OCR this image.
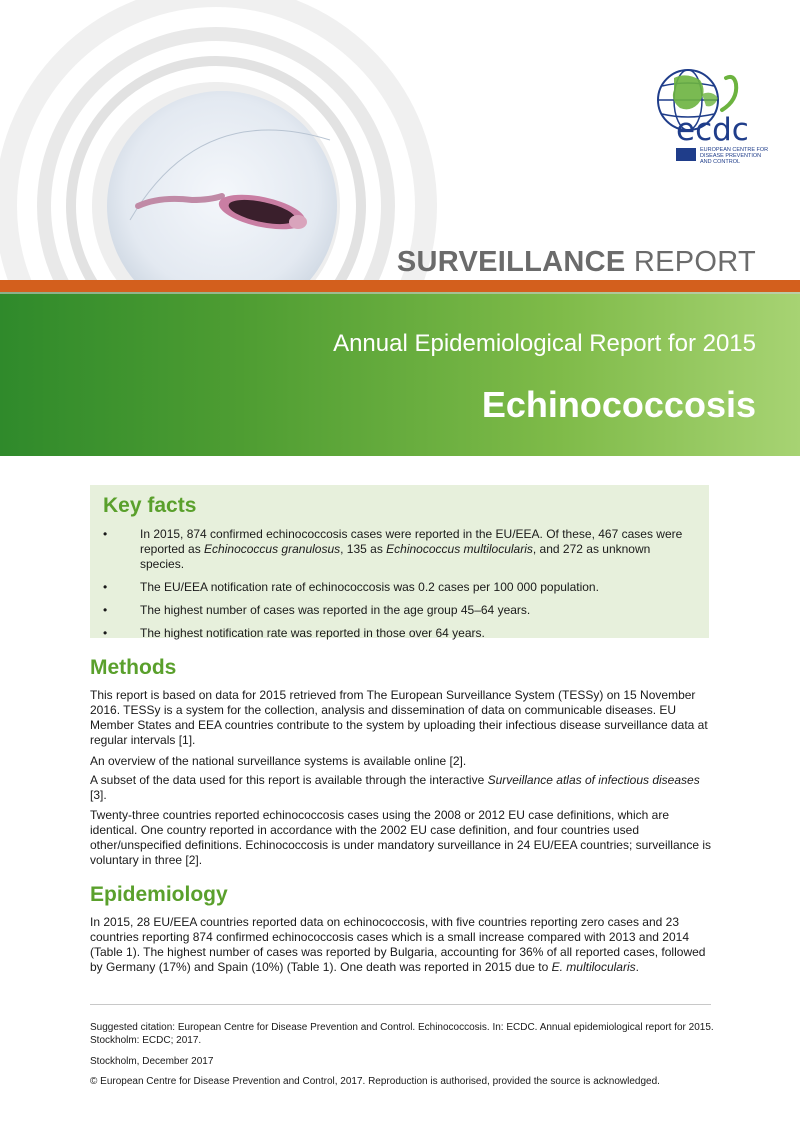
SURVEILLANCE REPORT
Annual Epidemiological Report for 2015
Echinococcosis
ecdc
EUROPEAN CENTRE FOR DISEASE PREVENTION AND CONTROL
Key facts
•	In 2015, 874 confirmed echinococcosis cases were reported in the EU/EEA. Of these, 467 cases were reported as Echinococcus granulosus, 135 as Echinococcus multilocularis, and 272 as unknown species.
•	The EU/EEA notification rate of echinococcosis was 0.2 cases per 100 000 population.
•	The highest number of cases was reported in the age group 45–64 years.
•	The highest notification rate was reported in those over 64 years.
Methods
This report is based on data for 2015 retrieved from The European Surveillance System (TESSy) on 15 November 2016. TESSy is a system for the collection, analysis and dissemination of data on communicable diseases. EU Member States and EEA countries contribute to the system by uploading their infectious disease surveillance data at regular intervals [1].
An overview of the national surveillance systems is available online [2].
A subset of the data used for this report is available through the interactive Surveillance atlas of infectious diseases [3].
Twenty-three countries reported echinococcosis cases using the 2008 or 2012 EU case definitions, which are identical. One country reported in accordance with the 2002 EU case definition, and four countries used other/unspecified definitions. Echinococcosis is under mandatory surveillance in 24 EU/EEA countries; surveillance is voluntary in three [2].
Epidemiology
In 2015, 28 EU/EEA countries reported data on echinococcosis, with five countries reporting zero cases and 23 countries reporting 874 confirmed echinococcosis cases which is a small increase compared with 2013 and 2014 (Table 1). The highest number of cases was reported by Bulgaria, accounting for 36% of all reported cases, followed by Germany (17%) and Spain (10%) (Table 1). One death was reported in 2015 due to E. multilocularis.
Suggested citation: European Centre for Disease Prevention and Control. Echinococcosis. In: ECDC. Annual epidemiological report for 2015. Stockholm: ECDC; 2017.
Stockholm, December 2017
© European Centre for Disease Prevention and Control, 2017. Reproduction is authorised, provided the source is acknowledged.
